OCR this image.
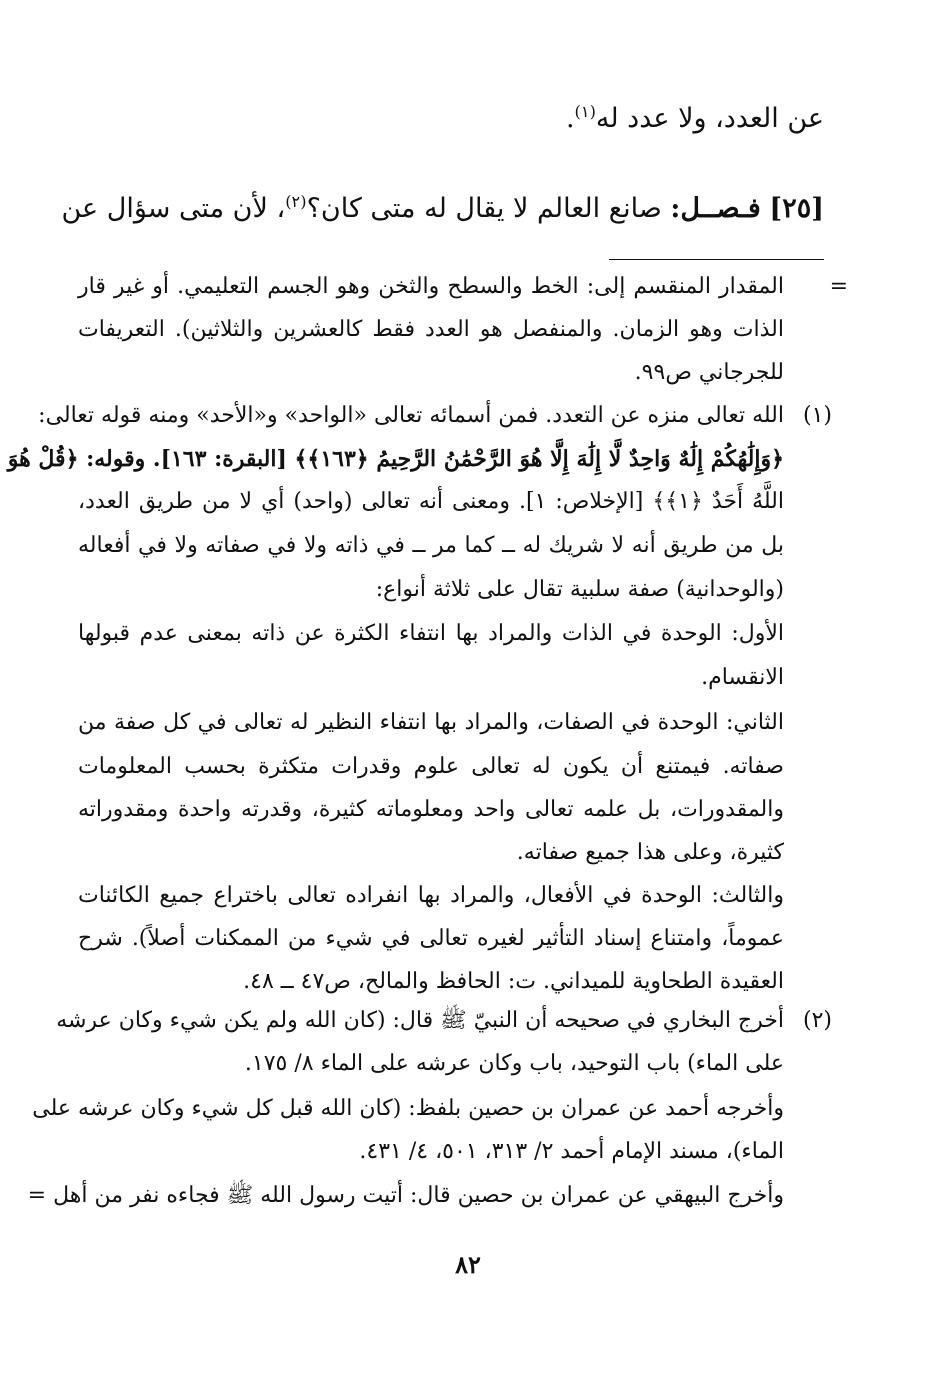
عن العدد، ولا عدد له$^{(١)}$.
[٢٥] فـصــل: صانع العالم لا يقال له متى كان؟$^{(٢)}$، لأن متى سؤال عن
=
المقدار المنقسم إلى: الخط والسطح والثخن وهو الجسم التعليمي. أو غير قار
الذات وهو الزمان. والمنفصل هو العدد فقط كالعشرين والثلاثين). التعريفات
للجرجاني ص٩٩.
(١)
الله تعالى منزه عن التعدد. فمن أسمائه تعالى «الواحد» و«الأحد» ومنه قوله تعالى:
﴿وَإِلَٰهُكُمْ إِلَٰهٌ وَاحِدٌ لَّا إِلَٰهَ إِلَّا هُوَ الرَّحْمَٰنُ الرَّحِيمُ ﴿١٦٣﴾﴾ [البقرة: ١٦٣]. وقوله: ﴿قُلْ هُوَ
اللَّهُ أَحَدٌ ﴿١﴾﴾ [الإخلاص: ١]. ومعنى أنه تعالى (واحد) أي لا من طريق العدد،
بل من طريق أنه لا شريك له ــ كما مر ــ في ذاته ولا في صفاته ولا في أفعاله
(والوحدانية) صفة سلبية تقال على ثلاثة أنواع:
الأول: الوحدة في الذات والمراد بها انتفاء الكثرة عن ذاته بمعنى عدم قبولها
الانقسام.
الثاني: الوحدة في الصفات، والمراد بها انتفاء النظير له تعالى في كل صفة من
صفاته. فيمتنع أن يكون له تعالى علوم وقدرات متكثرة بحسب المعلومات
والمقدورات، بل علمه تعالى واحد ومعلوماته كثيرة، وقدرته واحدة ومقدوراته
كثيرة، وعلى هذا جميع صفاته.
والثالث: الوحدة في الأفعال، والمراد بها انفراده تعالى باختراع جميع الكائنات
عموماً، وامتناع إسناد التأثير لغيره تعالى في شيء من الممكنات أصلاً). شرح
العقيدة الطحاوية للميداني. ت: الحافظ والمالح، ص٤٧ ــ ٤٨.
(٢)
أخرج البخاري في صحيحه أن النبيّ ﷺ قال: (كان الله ولم يكن شيء وكان عرشه
على الماء) باب التوحيد، باب وكان عرشه على الماء ٨/ ١٧٥.
وأخرجه أحمد عن عمران بن حصين بلفظ: (كان الله قبل كل شيء وكان عرشه على
الماء)، مسند الإمام أحمد ٢/ ٣١٣، ٥٠١، ٤/ ٤٣١.
وأخرج البيهقي عن عمران بن حصين قال: أتيت رسول الله ﷺ فجاءه نفر من أهل =
٨٢
